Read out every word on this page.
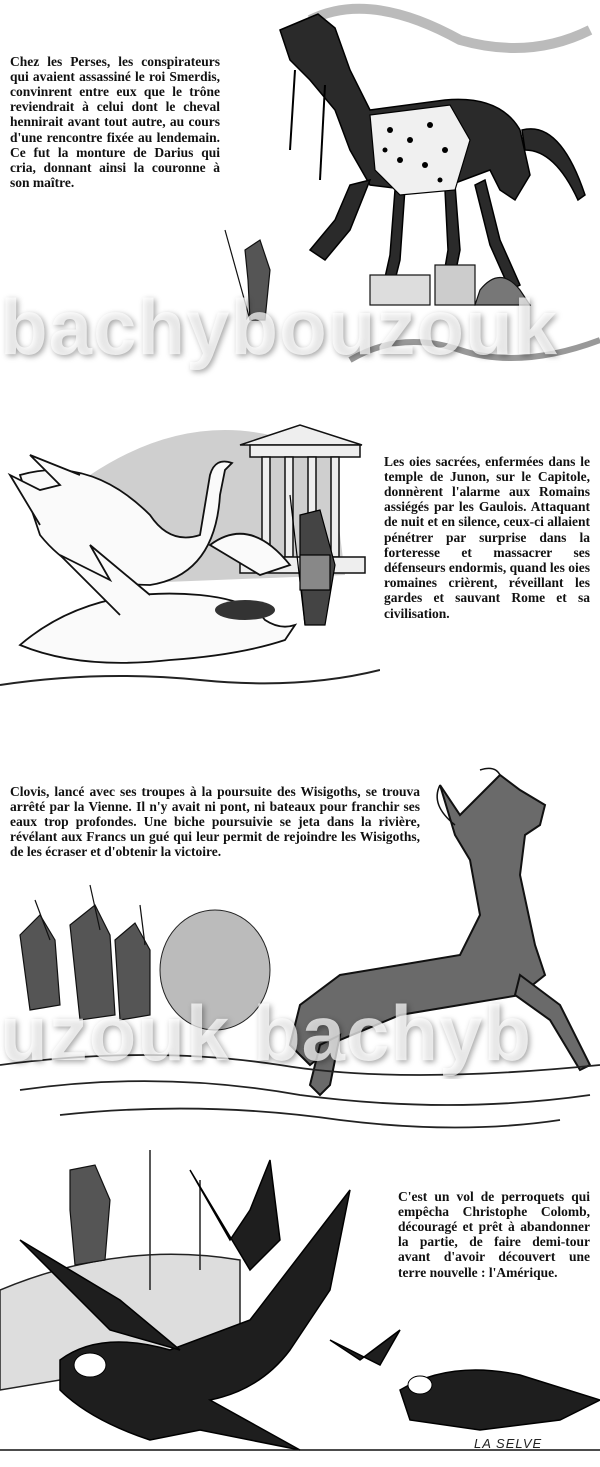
Chez les Perses, les conspirateurs qui avaient assassiné le roi Smerdis, convinrent entre eux que le trône reviendrait à celui dont le cheval hennirait avant tout autre, au cours d'une rencontre fixée au lendemain. Ce fut la monture de Darius qui cria, donnant ainsi la couronne à son maître.

Les oies sacrées, enfermées dans le temple de Junon, sur le Capitole, donnèrent l'alarme aux Romains assiégés par les Gaulois. Attaquant de nuit et en silence, ceux-ci allaient pénétrer par surprise dans la forteresse et massacrer ses défenseurs endormis, quand les oies romaines crièrent, réveillant les gardes et sauvant Rome et sa civilisation.

Clovis, lancé avec ses troupes à la poursuite des Wisigoths, se trouva arrêté par la Vienne. Il n'y avait ni pont, ni bateaux pour franchir ses eaux trop profondes. Une biche poursuivie se jeta dans la rivière, révélant aux Francs un gué qui leur permit de rejoindre les Wisigoths, de les écraser et d'obtenir la victoire.

C'est un vol de perroquets qui empêcha Christophe Colomb, découragé et prêt à abandonner la partie, de faire demi-tour avant d'avoir découvert une terre nouvelle : l'Amérique.

LA SELVE
bachybouzouk
uzouk bachyb
